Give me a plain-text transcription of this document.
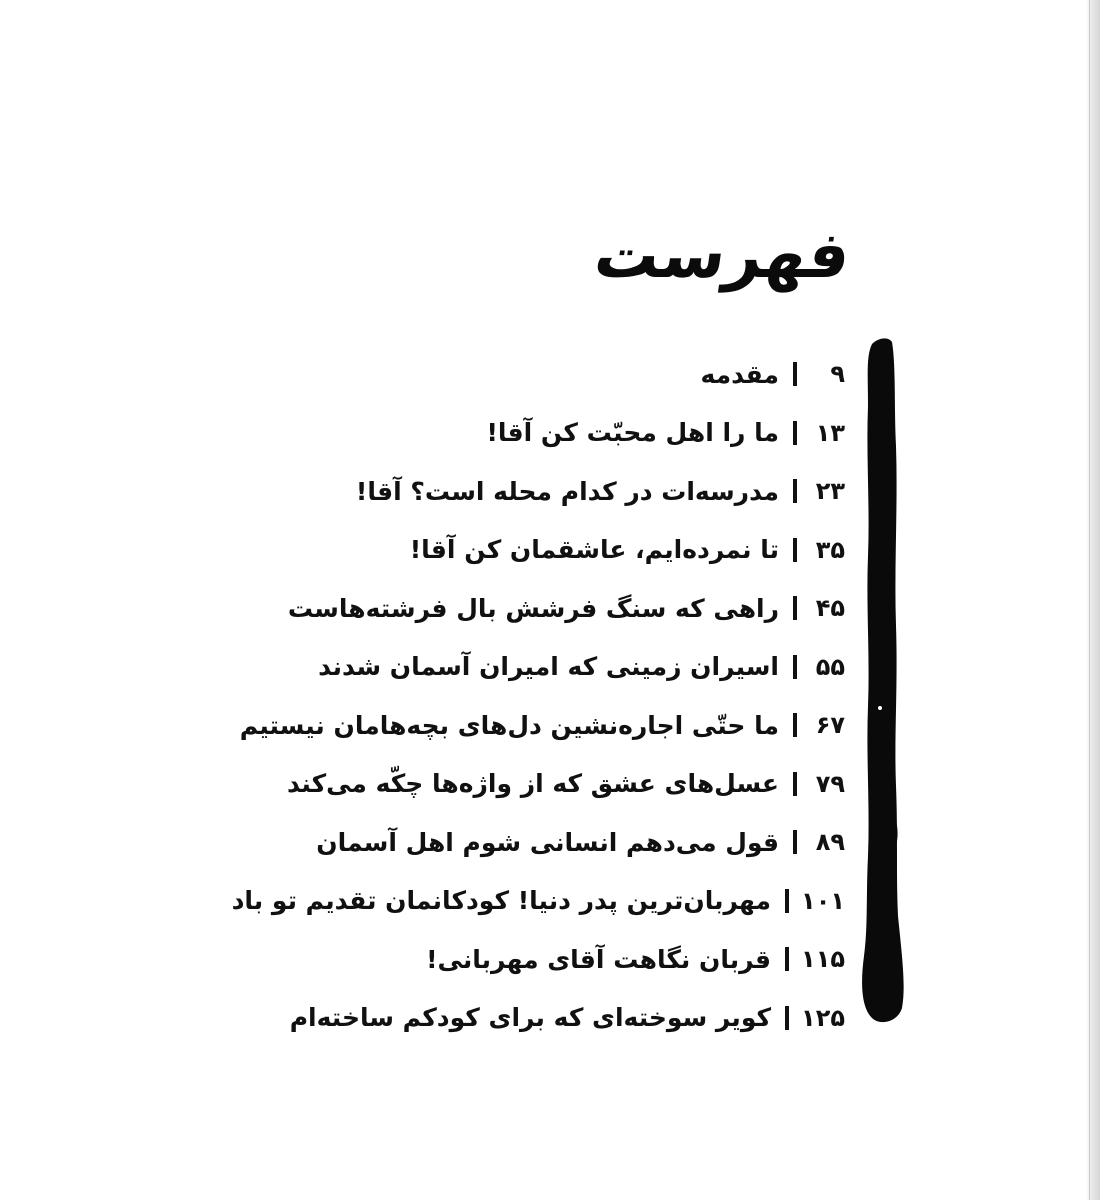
فهرست
۹
مقدمه
۱۳
ما را اهل محبّت کن آقا!
۲۳
مدرسه‌ات در کدام محله است؟ آقا!
۳۵
تا نمرده‌ایم، عاشقمان کن آقا!
۴۵
راهی که سنگ فرشش بال فرشته‌هاست
۵۵
اسیران زمینی که امیران آسمان شدند
۶۷
ما حتّی اجاره‌نشین دل‌های بچه‌هامان نیستیم
۷۹
عسل‌های عشق که از واژه‌ها چکّه می‌کند
۸۹
قول می‌دهم انسانی شوم اهل آسمان
۱۰۱
مهربان‌ترین پدر دنیا! کودکانمان تقدیم تو باد
۱۱۵
قربان نگاهت آقای مهربانی!
۱۲۵
کویر سوخته‌ای که برای کودکم ساخته‌ام
